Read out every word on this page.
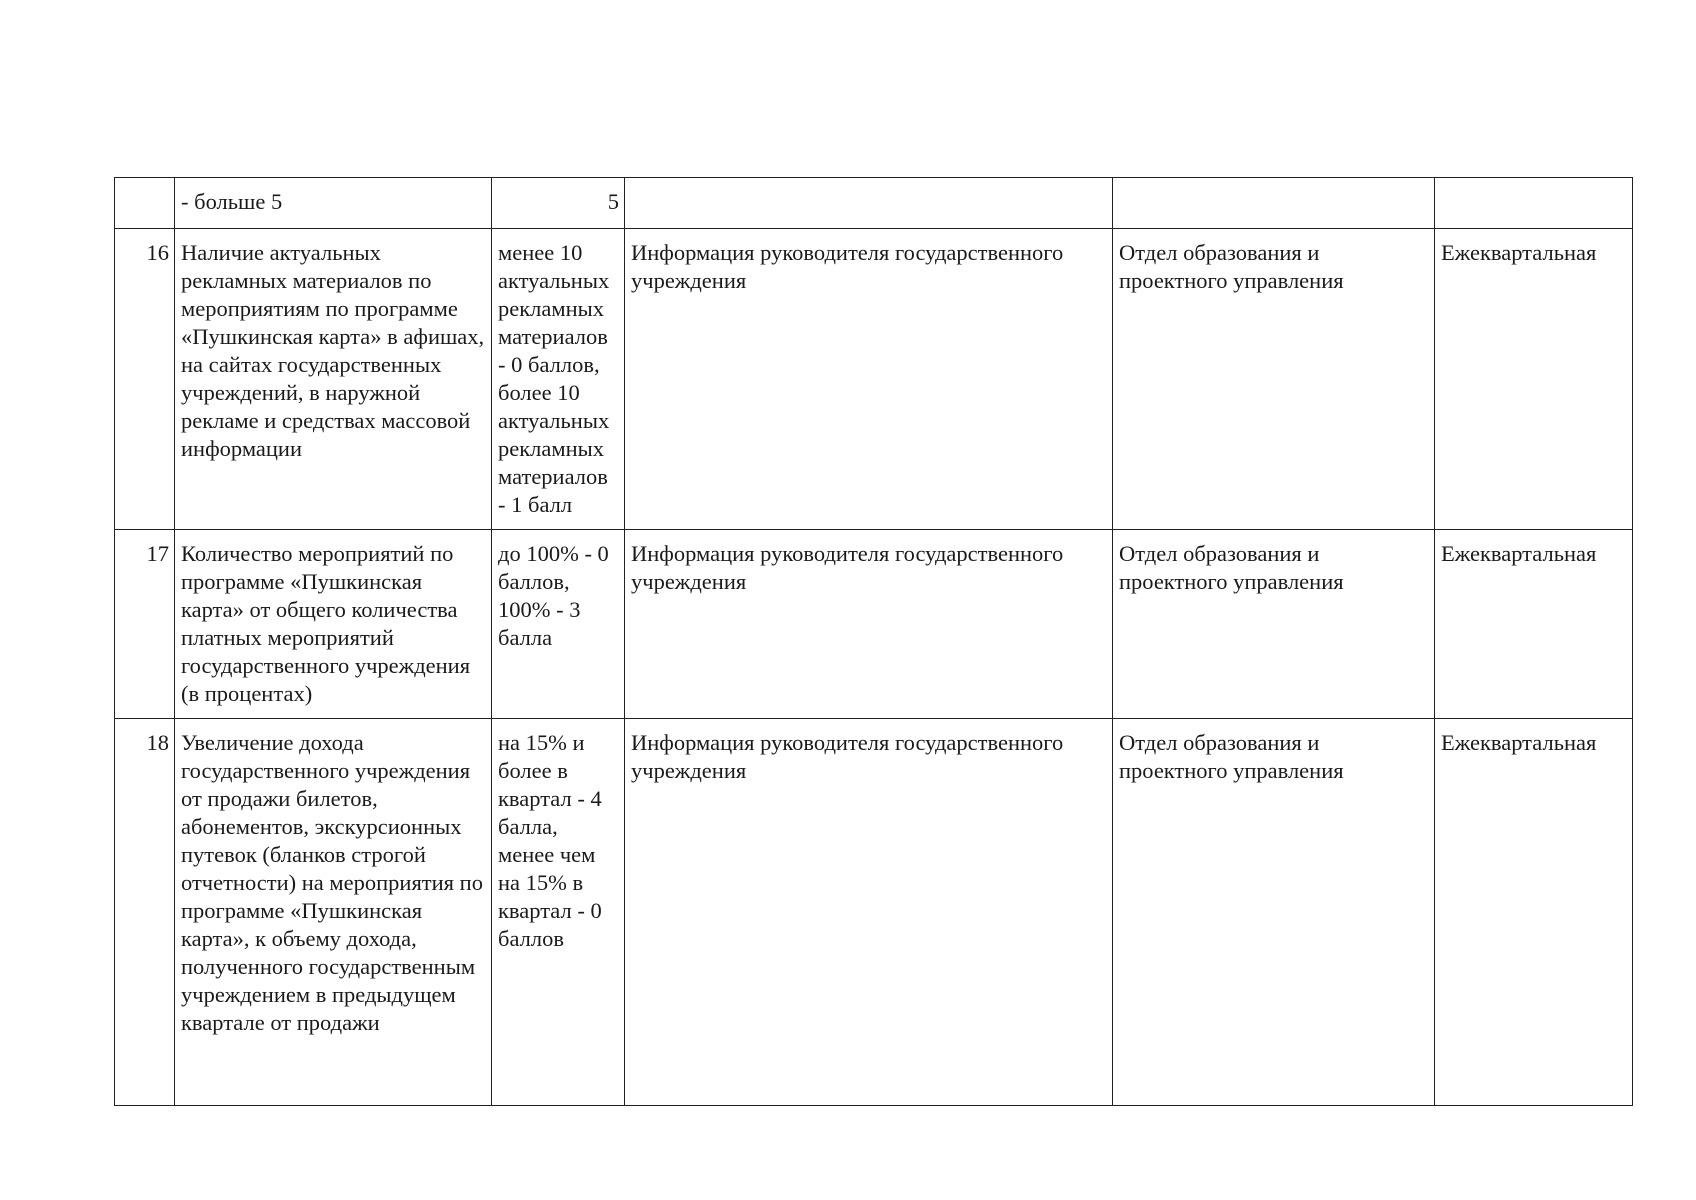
	- больше 5	5			
16	Наличие актуальных рекламных материалов по мероприятиям по программе «Пушкинская карта» в афишах, на сайтах государственных учреждений, в наружной рекламе и средствах массовой информации	менее 10 актуальных рекламных материалов - 0 баллов, более 10 актуальных рекламных материалов - 1 балл	Информация руководителя государственного учреждения	Отдел образования и проектного управления	Ежеквартальная
17	Количество мероприятий по программе «Пушкинская карта» от общего количества платных мероприятий государственного учреждения (в процентах)	до 100% - 0 баллов, 100% - 3 балла	Информация руководителя государственного учреждения	Отдел образования и проектного управления	Ежеквартальная
18	Увеличение дохода государственного учреждения от продажи билетов, абонементов, экскурсионных путевок (бланков строгой отчетности) на мероприятия по программе «Пушкинская карта», к объему дохода, полученного государственным учреждением в предыдущем квартале от продажи	на 15% и более в квартал - 4 балла, менее чем на 15% в квартал - 0 баллов	Информация руководителя государственного учреждения	Отдел образования и проектного управления	Ежеквартальная
